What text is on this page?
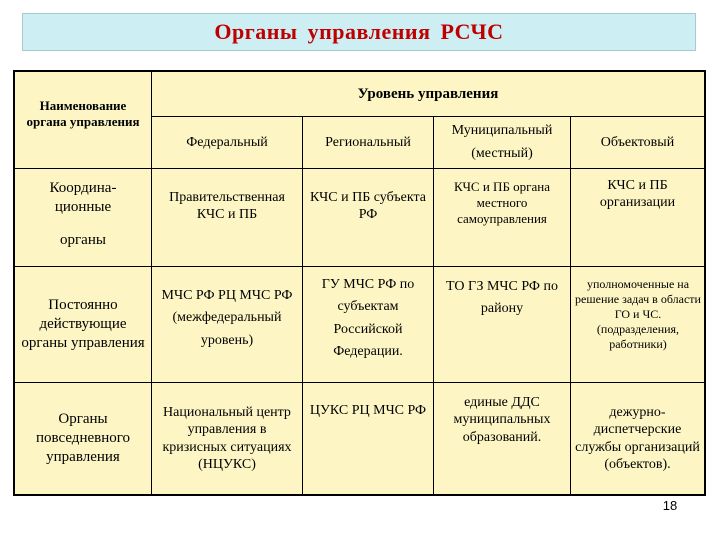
Органы управления РСЧС
Наименование органа управления
Уровень управления
Федеральный	Региональный
Муниципальный (местный)
Объектовый
Координа-
ционные
органы
Правительственная КЧС и ПБ
КЧС и ПБ субъекта РФ
КЧС и ПБ органа местного самоуправления
КЧС и ПБ организации
Постоянно действующие органы управления
МЧС РФ РЦ МЧС РФ (межфедеральный уровень)
ГУ МЧС РФ по субъектам Российской Федерации.
ТО ГЗ МЧС РФ по району
уполномоченные на решение задач в области ГО и ЧС. (подразделения, работники)
Органы повседневного управления
Национальный центр управления в кризисных ситуациях (НЦУКС)
ЦУКС РЦ МЧС РФ
единые ДДС муниципальных образований.
дежурно-диспетчерские службы организаций (объектов).
18
